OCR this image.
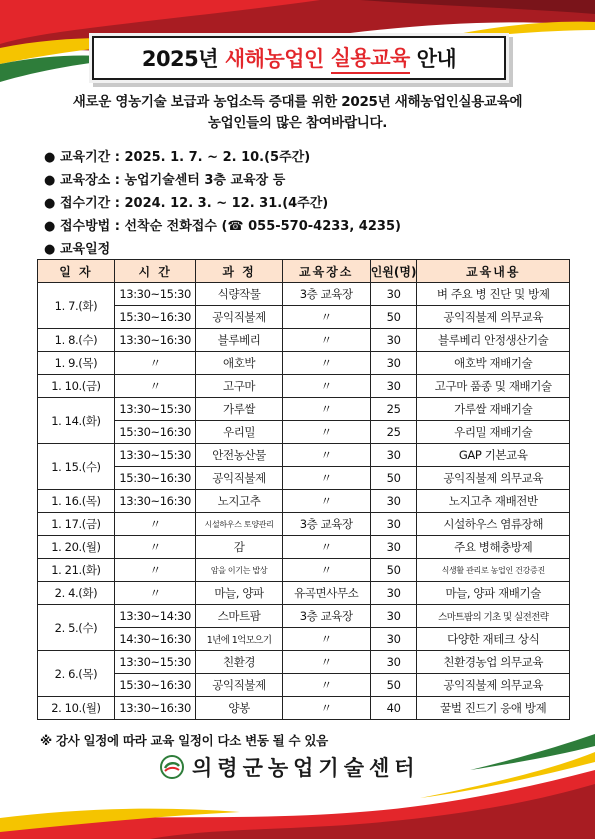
2025년
새해농업인
실용교육
안내
새로운 영농기술 보급과 농업소득 증대를 위한 2025년 새해농업인실용교육에
농업인들의 많은 참여바랍니다.
● 교육기간 : 2025. 1. 7. ~ 2. 10.(5주간)
● 교육장소 : 농업기술센터 3층 교육장 등
● 접수기간 : 2024. 12. 3. ~ 12. 31.(4주간)
● 접수방법 : 선착순 전화접수 (☎ 055-570-4233, 4235)
● 교육일정
일 자	시 간	과 정	교육장소	인원(명)	교육내용
1. 7.(화)	13:30~15:30	식량작물	3층 교육장	30	벼 주요 병 진단 및 방제
	15:30~16:30	공익직불제	〃	50	공익직불제 의무교육
1. 8.(수)	13:30~16:30	블루베리	〃	30	블루베리 안정생산기술
1. 9.(목)	〃	애호박	〃	30	애호박 재배기술
1. 10.(금)	〃	고구마	〃	30	고구마 품종 및 재배기술
1. 14.(화)	13:30~15:30	가루쌀	〃	25	가루쌀 재배기술
	15:30~16:30	우리밀	〃	25	우리밀 재배기술
1. 15.(수)	13:30~15:30	안전농산물	〃	30	GAP 기본교육
	15:30~16:30	공익직불제	〃	50	공익직불제 의무교육
1. 16.(목)	13:30~16:30	노지고추	〃	30	노지고추 재배전반
1. 17.(금)	〃	시설하우스 토양관리	3층 교육장	30	시설하우스 염류장해
1. 20.(월)	〃	감	〃	30	주요 병해충방제
1. 21.(화)	〃	암을 이기는 밥상	〃	50	식생활 관리로 농업인 건강증진
2. 4.(화)	〃	마늘, 양파	유곡면사무소	30	마늘, 양파 재배기술
2. 5.(수)	13:30~14:30	스마트팜	3층 교육장	30	스마트팜의 기초 및 실전전략
	14:30~16:30	1년에 1억모으기	〃	30	다양한 재테크 상식
2. 6.(목)	13:30~15:30	친환경	〃	30	친환경농업 의무교육
	15:30~16:30	공익직불제	〃	50	공익직불제 의무교육
2. 10.(월)	13:30~16:30	양봉	〃	40	꿀벌 진드기 응애 방제
※ 강사 일정에 따라 교육 일정이 다소 변동 될 수 있음
의령군농업기술센터
